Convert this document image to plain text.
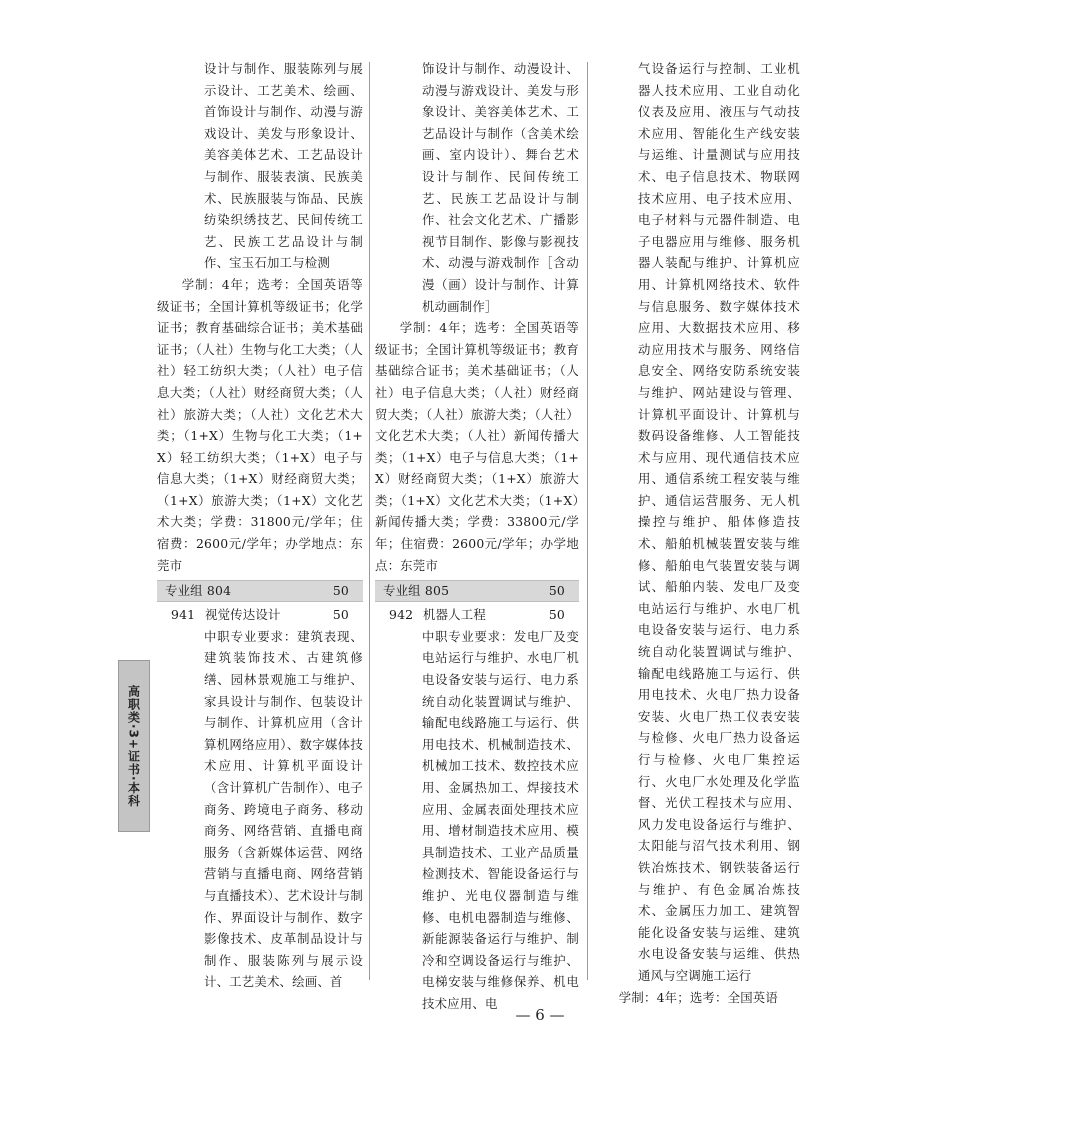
设计与制作、服装陈列与展示设计、工艺美术、绘画、首饰设计与制作、动漫与游戏设计、美发与形象设计、美容美体艺术、工艺品设计与制作、服装表演、民族美术、民族服装与饰品、民族纺染织绣技艺、民间传统工艺、民族工艺品设计与制作、宝玉石加工与检测
学制：4年；选考：全国英语等级证书；全国计算机等级证书；化学证书；教育基础综合证书；美术基础证书；（人社）生物与化工大类；（人社）轻工纺织大类；（人社）电子信息大类；（人社）财经商贸大类；（人社）旅游大类；（人社）文化艺术大类；（1+X）生物与化工大类；（1+X）轻工纺织大类；（1+X）电子与信息大类；（1+X）财经商贸大类；（1+X）旅游大类；（1+X）文化艺术大类；学费：31800元/学年；住宿费：2600元/学年；办学地点：东莞市
专业组 804	50
941 视觉传达设计	50
中职专业要求：建筑表现、建筑装饰技术、古建筑修缮、园林景观施工与维护、家具设计与制作、包装设计与制作、计算机应用（含计算机网络应用）、数字媒体技术应用、计算机平面设计（含计算机广告制作）、电子商务、跨境电子商务、移动商务、网络营销、直播电商服务（含新媒体运营、网络营销与直播电商、网络营销与直播技术）、艺术设计与制作、界面设计与制作、数字影像技术、皮革制品设计与制作、服装陈列与展示设计、工艺美术、绘画、首
饰设计与制作、动漫设计、动漫与游戏设计、美发与形象设计、美容美体艺术、工艺品设计与制作（含美术绘画、室内设计）、舞台艺术设计与制作、民间传统工艺、民族工艺品设计与制作、社会文化艺术、广播影视节目制作、影像与影视技术、动漫与游戏制作［含动漫（画）设计与制作、计算机动画制作］
学制：4年；选考：全国英语等级证书；全国计算机等级证书；教育基础综合证书；美术基础证书；（人社）电子信息大类；（人社）财经商贸大类；（人社）旅游大类；（人社）文化艺术大类；（人社）新闻传播大类；（1+X）电子与信息大类；（1+X）财经商贸大类；（1+X）旅游大类；（1+X）文化艺术大类；（1+X）新闻传播大类；学费：33800元/学年；住宿费：2600元/学年；办学地点：东莞市
专业组 805	50
942 机器人工程	50
中职专业要求：发电厂及变电站运行与维护、水电厂机电设备安装与运行、电力系统自动化装置调试与维护、输配电线路施工与运行、供用电技术、机械制造技术、机械加工技术、数控技术应用、金属热加工、焊接技术应用、金属表面处理技术应用、增材制造技术应用、模具制造技术、工业产品质量检测技术、智能设备运行与维护、光电仪器制造与维修、电机电器制造与维修、新能源装备运行与维护、制冷和空调设备运行与维护、电梯安装与维修保养、机电技术应用、电
气设备运行与控制、工业机器人技术应用、工业自动化仪表及应用、液压与气动技术应用、智能化生产线安装与运维、计量测试与应用技术、电子信息技术、物联网技术应用、电子技术应用、电子材料与元器件制造、电子电器应用与维修、服务机器人装配与维护、计算机应用、计算机网络技术、软件与信息服务、数字媒体技术应用、大数据技术应用、移动应用技术与服务、网络信息安全、网络安防系统安装与维护、网站建设与管理、计算机平面设计、计算机与数码设备维修、人工智能技术与应用、现代通信技术应用、通信系统工程安装与维护、通信运营服务、无人机操控与维护、船体修造技术、船舶机械装置安装与维修、船舶电气装置安装与调试、船舶内装、发电厂及变电站运行与维护、水电厂机电设备安装与运行、电力系统自动化装置调试与维护、输配电线路施工与运行、供用电技术、火电厂热力设备安装、火电厂热工仪表安装与检修、火电厂热力设备运行与检修、火电厂集控运行、火电厂水处理及化学监督、光伏工程技术与应用、风力发电设备运行与维护、太阳能与沼气技术利用、钢铁冶炼技术、钢铁装备运行与维护、有色金属冶炼技术、金属压力加工、建筑智能化设备安装与运维、建筑水电设备安装与运维、供热通风与空调施工运行
学制：4年；选考：全国英语
高职类·3+证书·本科
— 6 —
